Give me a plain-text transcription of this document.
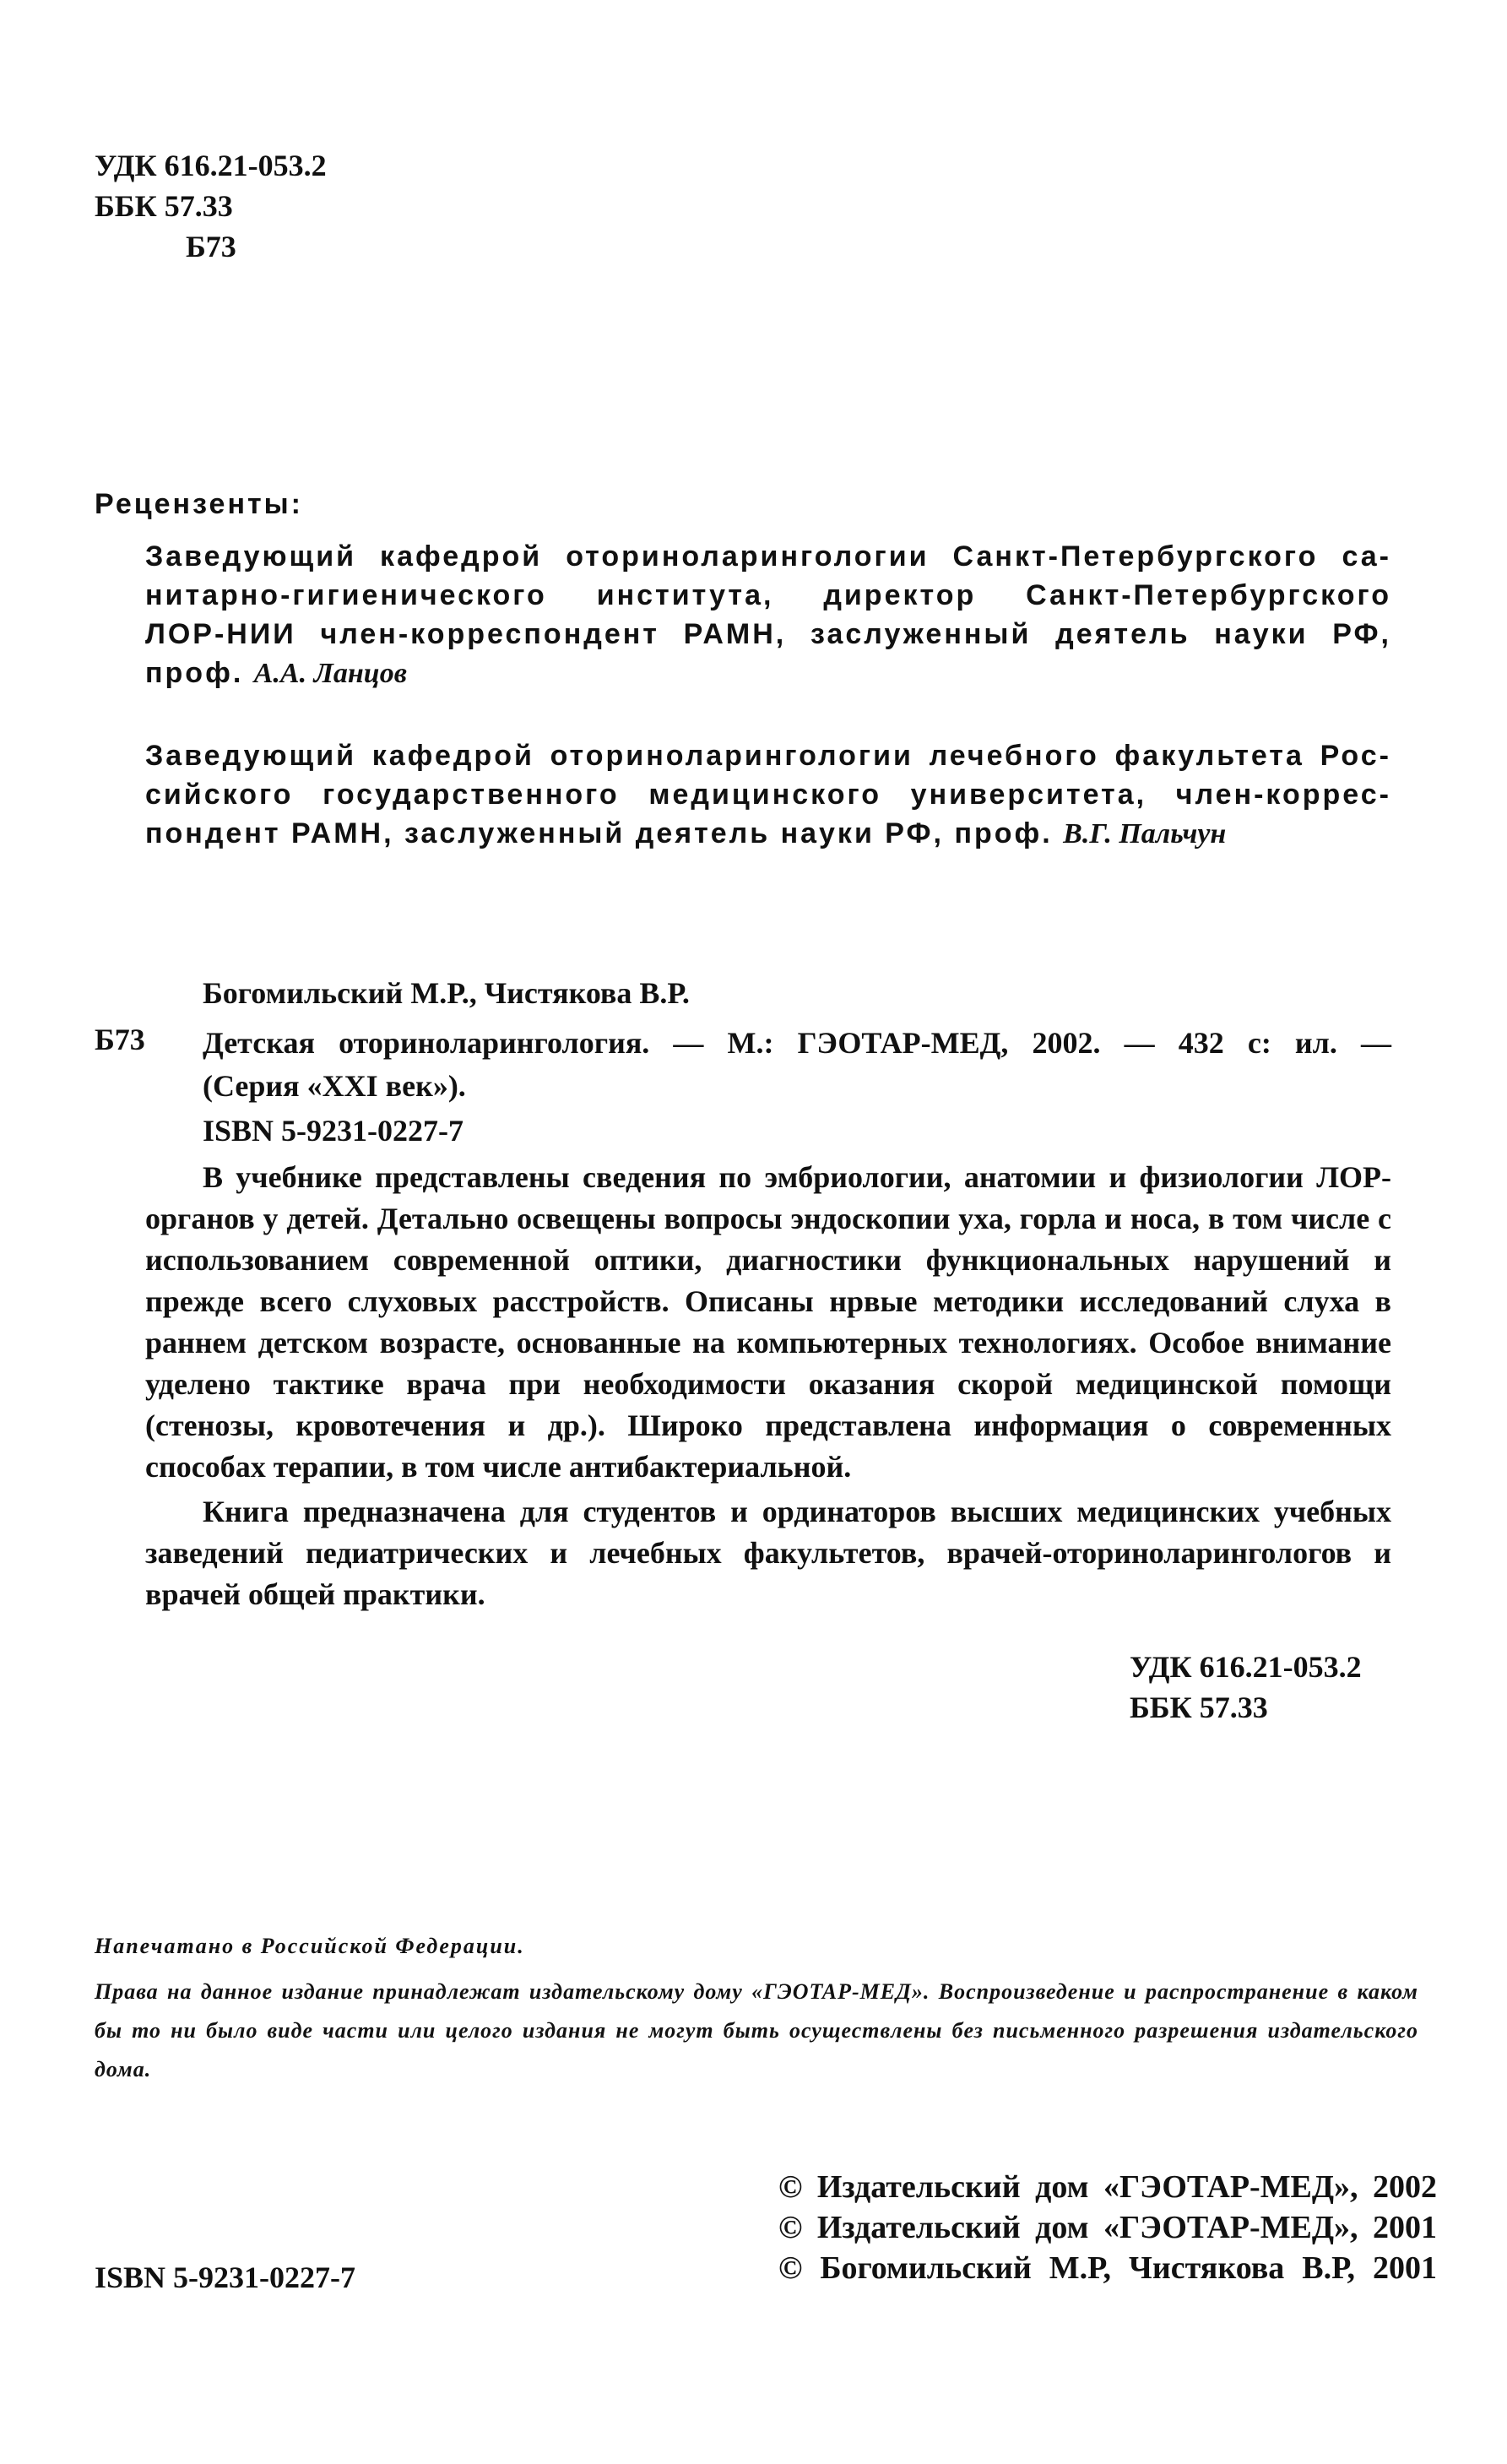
УДК 616.21-053.2
ББК 57.33
Б73
Рецензенты:
Заведующий кафедрой оториноларингологии Санкт-Петербургского са-
нитарно-гигиенического института, директор Санкт-Петербургского
ЛОР-НИИ член-корреспондент РАМН, заслуженный деятель науки РФ,
проф. А.А. Ланцов
Заведующий кафедрой оториноларингологии лечебного факультета Рос-
сийского государственного медицинского университета, член-коррес-
пондент РАМН, заслуженный деятель науки РФ, проф. В.Г. Пальчун
Богомильский М.Р., Чистякова В.Р.
Б73 Детская оториноларингология. — М.: ГЭОТАР-МЕД, 2002. — 432 с: ил. —
(Серия «XXI век»).
ISBN 5-9231-0227-7

В учебнике представлены сведения по эмбриологии, анатомии и физиологии ЛОР-органов у детей. Детально освещены вопросы эндоскопии уха, горла и носа, в том числе с использованием современной оптики, диагностики функциональных нарушений и прежде всего слуховых расстройств. Описаны нрвые методики исследований слуха в раннем детском возрасте, основанные на компьютерных технологиях. Особое внимание уделено тактике врача при необходимости оказания скорой медицинской помощи (стенозы, кровотечения и др.). Широко представлена информация о современных способах терапии, в том числе антибактериальной.

Книга предназначена для студентов и ординаторов высших медицинских учебных заведений педиатрических и лечебных факультетов, врачей-оториноларингологов и врачей общей практики.

УДК 616.21-053.2
ББК 57.33
Напечатано в Российской Федерации.
Права на данное издание принадлежат издательскому дому «ГЭОТАР-МЕД». Воспроизведение и распространение в каком бы то ни было виде части или целого издания не могут быть осуществлены без письменного разрешения издательского дома.
ISBN 5-9231-0227-7
© Издательский дом «ГЭОТАР-МЕД», 2002
© Издательский дом «ГЭОТАР-МЕД», 2001
© Богомильский М.Р, Чистякова В.Р, 2001
